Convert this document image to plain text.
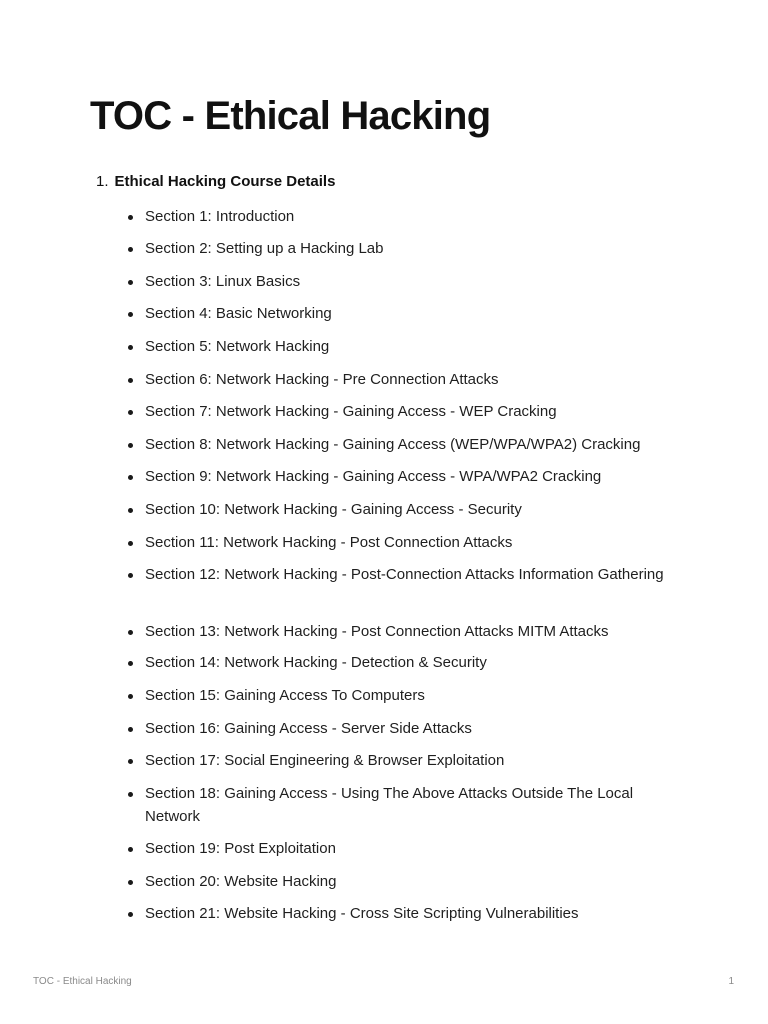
TOC - Ethical Hacking
1. Ethical Hacking Course Details
Section 1: Introduction
Section 2: Setting up a Hacking Lab
Section 3: Linux Basics
Section 4: Basic Networking
Section 5: Network Hacking
Section 6: Network Hacking - Pre Connection Attacks
Section 7: Network Hacking - Gaining Access - WEP Cracking
Section 8: Network Hacking - Gaining Access (WEP/WPA/WPA2) Cracking
Section 9: Network Hacking - Gaining Access - WPA/WPA2 Cracking
Section 10: Network Hacking - Gaining Access - Security
Section 11: Network Hacking - Post Connection Attacks
Section 12: Network Hacking - Post-Connection Attacks Information Gathering
Section 13: Network Hacking - Post Connection Attacks MITM Attacks
Section 14: Network Hacking - Detection & Security
Section 15: Gaining Access To Computers
Section 16: Gaining Access - Server Side Attacks
Section 17: Social Engineering & Browser Exploitation
Section 18: Gaining Access - Using The Above Attacks Outside The Local Network
Section 19: Post Exploitation
Section 20: Website Hacking
Section 21: Website Hacking - Cross Site Scripting Vulnerabilities
TOC - Ethical Hacking	1
